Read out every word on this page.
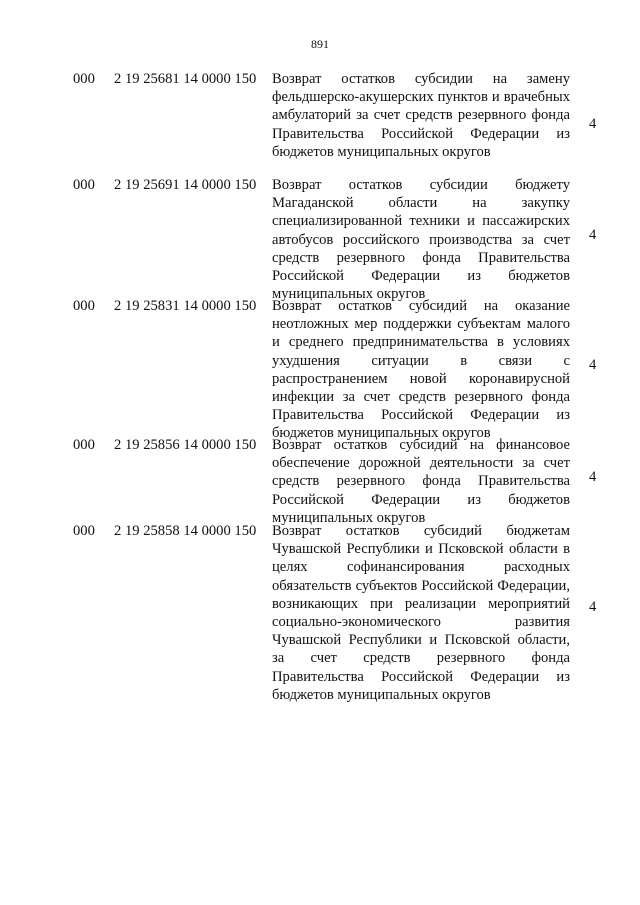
891
000 2 19 25681 14 0000 150 Возврат остатков субсидии на замену фельдшерско-акушерских пунктов и врачебных амбулаторий за счет средств резервного фонда Правительства Российской Федерации из бюджетов муниципальных округов
4
000 2 19 25691 14 0000 150 Возврат остатков субсидии бюджету Магаданской области на закупку специализированной техники и пассажирских автобусов российского производства за счет средств резервного фонда Правительства Российской Федерации из бюджетов муниципальных округов
4
000 2 19 25831 14 0000 150 Возврат остатков субсидий на оказание неотложных мер поддержки субъектам малого и среднего предпринимательства в условиях ухудшения ситуации в связи с распространением новой коронавирусной инфекции за счет средств резервного фонда Правительства Российской Федерации из бюджетов муниципальных округов
4
000 2 19 25856 14 0000 150 Возврат остатков субсидий на финансовое обеспечение дорожной деятельности за счет средств резервного фонда Правительства Российской Федерации из бюджетов муниципальных округов
4
000 2 19 25858 14 0000 150 Возврат остатков субсидий бюджетам Чувашской Республики и Псковской области в целях софинансирования расходных обязательств субъектов Российской Федерации, возникающих при реализации мероприятий социально-экономического развития Чувашской Республики и Псковской области, за счет средств резервного фонда Правительства Российской Федерации из бюджетов муниципальных округов
4
